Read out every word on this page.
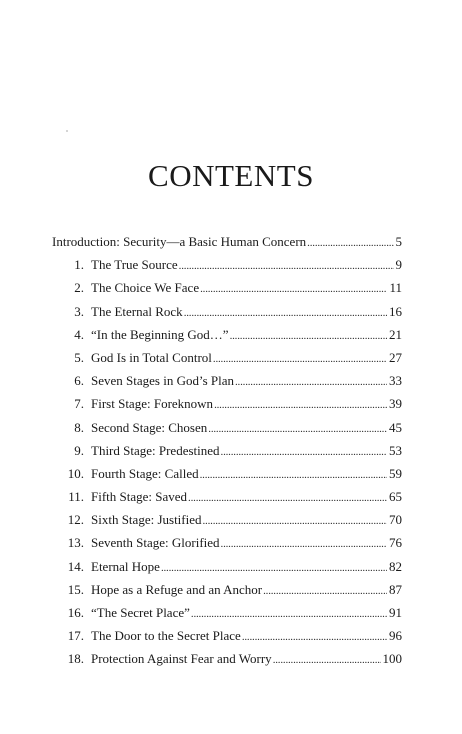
CONTENTS
Introduction: Security—a Basic Human Concern .....	5
1. The True Source .....	9
2. The Choice We Face .....	11
3. The Eternal Rock .....	16
4. “In the Beginning God…” .....	21
5. God Is in Total Control .....	27
6. Seven Stages in God’s Plan .....	33
7. First Stage: Foreknown .....	39
8. Second Stage: Chosen .....	45
9. Third Stage: Predestined .....	53
10. Fourth Stage: Called .....	59
11. Fifth Stage: Saved .....	65
12. Sixth Stage: Justified .....	70
13. Seventh Stage: Glorified .....	76
14. Eternal Hope .....	82
15. Hope as a Refuge and an Anchor .....	87
16. “The Secret Place” .....	91
17. The Door to the Secret Place .....	96
18. Protection Against Fear and Worry .....	100
